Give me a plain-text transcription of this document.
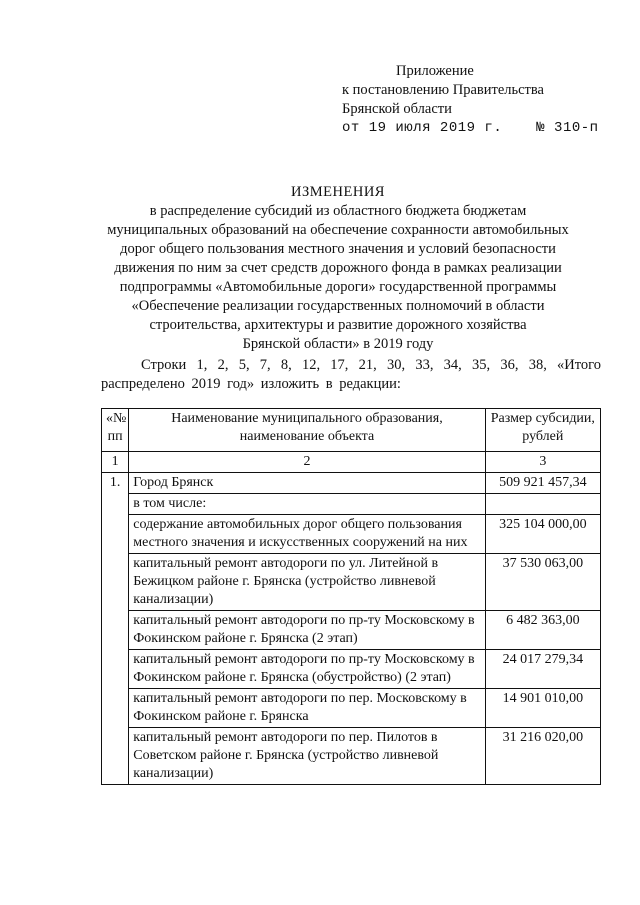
Приложение
к постановлению Правительства
Брянской области
от 19 июля 2019 г. № 310-п
ИЗМЕНЕНИЯ
в распределение субсидий из областного бюджета бюджетам
муниципальных образований на обеспечение сохранности автомобильных
дорог общего пользования местного значения и условий безопасности
движения по ним за счет средств дорожного фонда в рамках реализации
подпрограммы «Автомобильные дороги» государственной программы
«Обеспечение реализации государственных полномочий в области
строительства, архитектуры и развитие дорожного хозяйства
Брянской области» в 2019 году
Строки 1, 2, 5, 7, 8, 12, 17, 21, 30, 33, 34, 35, 36, 38, «Итого распределено 2019 год» изложить в редакции:
«№ пп	Наименование муниципального образования, наименование объекта	Размер субсидии, рублей
1	2	3
1.	Город Брянск	509 921 457,34
	в том числе:	
	содержание автомобильных дорог общего пользования местного значения и искусственных сооружений на них	325 104 000,00
	капитальный ремонт автодороги по ул. Литейной в Бежицком районе г. Брянска (устройство ливневой канализации)	37 530 063,00
	капитальный ремонт автодороги по пр-ту Московскому в Фокинском районе г. Брянска (2 этап)	6 482 363,00
	капитальный ремонт автодороги по пр-ту Московскому в Фокинском районе г. Брянска (обустройство) (2 этап)	24 017 279,34
	капитальный ремонт автодороги по пер. Московскому в Фокинском районе г. Брянска	14 901 010,00
	капитальный ремонт автодороги по пер. Пилотов в Советском районе г. Брянска (устройство ливневой канализации)	31 216 020,00
